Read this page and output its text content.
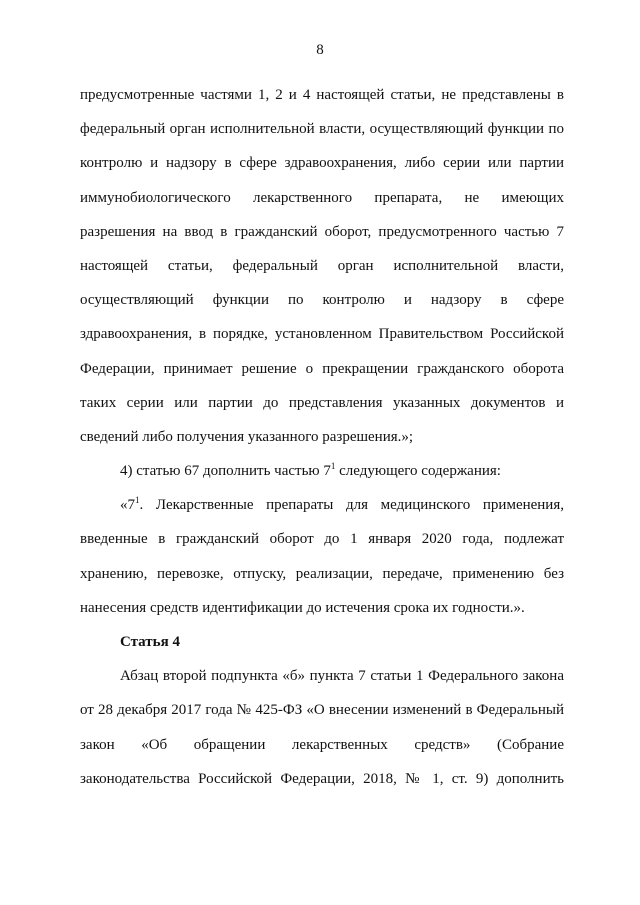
8
предусмотренные частями 1, 2 и 4 настоящей статьи, не представлены в
федеральный орган исполнительной власти, осуществляющий функции по
контролю и надзору в сфере здравоохранения, либо серии или партии
иммунобиологического лекарственного препарата, не имеющих
разрешения на ввод в гражданский оборот, предусмотренного частью 7
настоящей статьи, федеральный орган исполнительной власти,
осуществляющий функции по контролю и надзору в сфере
здравоохранения, в порядке, установленном Правительством Российской
Федерации, принимает решение о прекращении гражданского оборота
таких серии или партии до представления указанных документов и
сведений либо получения указанного разрешения.»;
4) статью 67 дополнить частью $7^1$ следующего содержания:
«$7^1$. Лекарственные препараты для медицинского применения,
введенные в гражданский оборот до 1 января 2020 года, подлежат
хранению, перевозке, отпуску, реализации, передаче, применению без
нанесения средств идентификации до истечения срока их годности.».
Статья 4
Абзац второй подпункта «б» пункта 7 статьи 1 Федерального закона
от 28 декабря 2017 года № 425-ФЗ «О внесении изменений в Федеральный
закон «Об обращении лекарственных средств» (Собрание
законодательства Российской Федерации, 2018, № 1, ст. 9) дополнить
